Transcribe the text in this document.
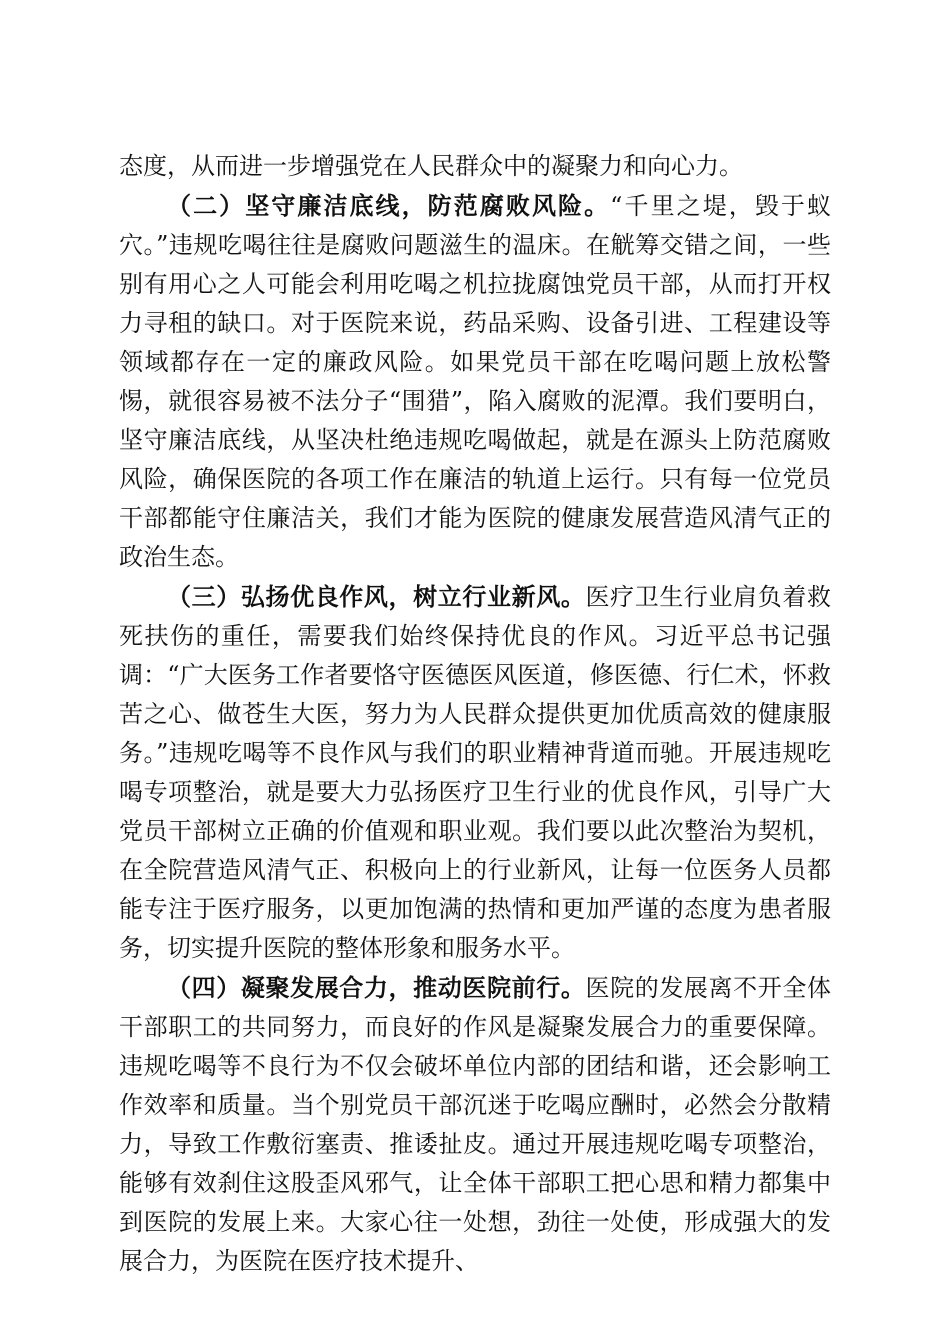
态度，从而进一步增强党在人民群众中的凝聚力和向心力。

（二）坚守廉洁底线，防范腐败风险。“千里之堤，毁于蚁穴。”违规吃喝往往是腐败问题滋生的温床。在觥筹交错之间，一些别有用心之人可能会利用吃喝之机拉拢腐蚀党员干部，从而打开权力寻租的缺口。对于医院来说，药品采购、设备引进、工程建设等领域都存在一定的廉政风险。如果党员干部在吃喝问题上放松警惕，就很容易被不法分子“围猎”，陷入腐败的泥潭。我们要明白，坚守廉洁底线，从坚决杜绝违规吃喝做起，就是在源头上防范腐败风险，确保医院的各项工作在廉洁的轨道上运行。只有每一位党员干部都能守住廉洁关，我们才能为医院的健康发展营造风清气正的政治生态。

（三）弘扬优良作风，树立行业新风。医疗卫生行业肩负着救死扶伤的重任，需要我们始终保持优良的作风。习近平总书记强调：“广大医务工作者要恪守医德医风医道，修医德、行仁术，怀救苦之心、做苍生大医，努力为人民群众提供更加优质高效的健康服务。”违规吃喝等不良作风与我们的职业精神背道而驰。开展违规吃喝专项整治，就是要大力弘扬医疗卫生行业的优良作风，引导广大党员干部树立正确的价值观和职业观。我们要以此次整治为契机，在全院营造风清气正、积极向上的行业新风，让每一位医务人员都能专注于医疗服务，以更加饱满的热情和更加严谨的态度为患者服务，切实提升医院的整体形象和服务水平。

（四）凝聚发展合力，推动医院前行。医院的发展离不开全体干部职工的共同努力，而良好的作风是凝聚发展合力的重要保障。违规吃喝等不良行为不仅会破坏单位内部的团结和谐，还会影响工作效率和质量。当个别党员干部沉迷于吃喝应酬时，必然会分散精力，导致工作敷衍塞责、推诿扯皮。通过开展违规吃喝专项整治，能够有效刹住这股歪风邪气，让全体干部职工把心思和精力都集中到医院的发展上来。大家心往一处想，劲往一处使，形成强大的发展合力，为医院在医疗技术提升、
